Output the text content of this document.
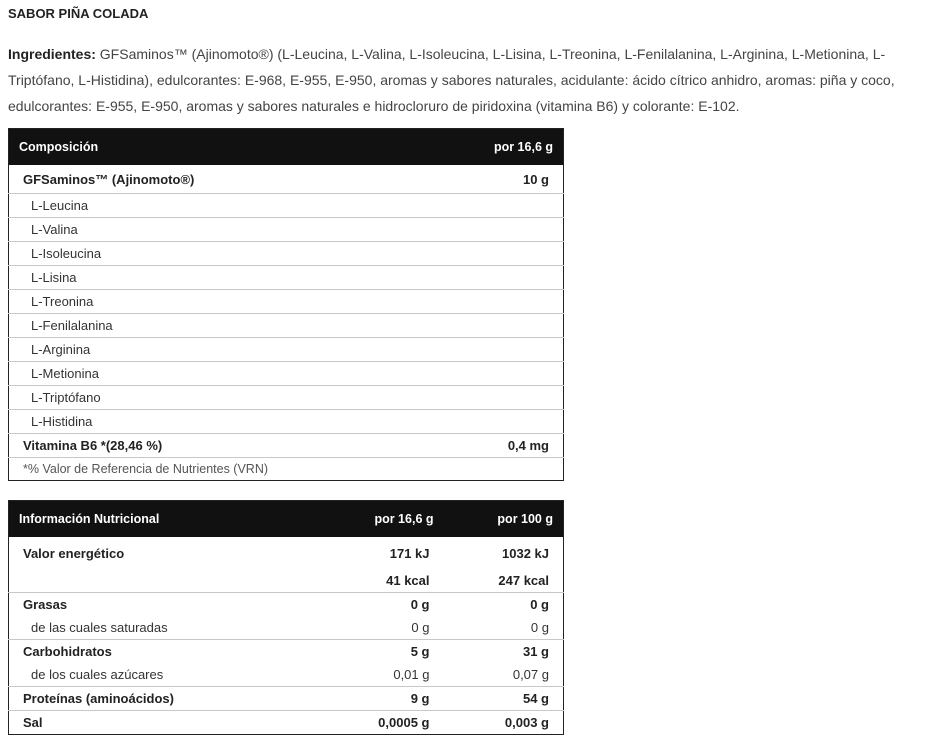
SABOR PIÑA COLADA
Ingredientes: GFSaminos™ (Ajinomoto®) (L-Leucina, L-Valina, L-Isoleucina, L-Lisina, L-Treonina, L-Fenilalanina, L-Arginina, L-Metionina, L-Triptófano, L-Histidina), edulcorantes: E-968, E-955, E-950, aromas y sabores naturales, acidulante: ácido cítrico anhidro, aromas: piña y coco, edulcorantes: E-955, E-950, aromas y sabores naturales e hidrocloruro de piridoxina (vitamina B6) y colorante: E-102.
Composición	por 16,6 g
GFSaminos™ (Ajinomoto®)	10 g
L-Leucina	
L-Valina	
L-Isoleucina	
L-Lisina	
L-Treonina	
L-Fenilalanina	
L-Arginina	
L-Metionina	
L-Triptófano	
L-Histidina	
Vitamina B6 *(28,46 %)	0,4 mg
*% Valor de Referencia de Nutrientes (VRN)	
Información Nutricional	por 16,6 g	por 100 g
Valor energético	171 kJ	1032 kJ
	41 kcal	247 kcal
Grasas	0 g	0 g
de las cuales saturadas	0 g	0 g
Carbohidratos	5 g	31 g
de los cuales azúcares	0,01 g	0,07 g
Proteínas (aminoácidos)	9 g	54 g
Sal	0,0005 g	0,003 g
